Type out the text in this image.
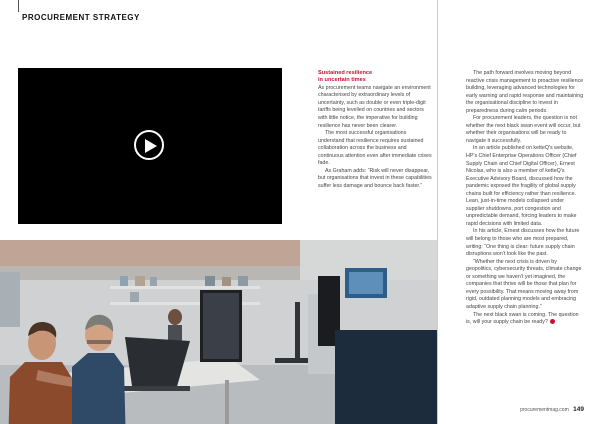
PROCUREMENT STRATEGY
Sustained resilience
in uncertain times

As procurement teams navigate an environment characterised by extraordinary levels of uncertainty, such as double or even triple-digit tariffs being levelled on countries and sectors with little notice, the imperative for building resilience has never been clearer.

The most successful organisations understand that resilience requires sustained collaboration across the business and continuous attention even after immediate crises fade.

As Graham adds: “Risk will never disappear, but organisations that invest in these capabilities suffer less damage and bounce back faster.”

The path forward involves moving beyond reactive crisis management to proactive resilience building, leveraging advanced technologies for early warning and rapid response and maintaining the organisational discipline to invest in preparedness during calm periods.

For procurement leaders, the question is not whether the next black swan event will occur, but whether their organisations will be ready to navigate it successfully.

In an article published on ketteQ’s website, HP’s Chief Enterprise Operations Officer (Chief Supply Chain and Chief Digital Officer), Ernest Nicolas, who is also a member of ketteQ’s Executive Advisory Board, discussed how the pandemic exposed the fragility of global supply chains built for efficiency rather than resilience. Lean, just-in-time models collapsed under supplier shutdowns, port congestion and unpredictable demand, forcing leaders to make rapid decisions with limited data.

In his article, Ernest discusses how the future will belong to those who are most prepared, writing: “One thing is clear: future supply chain disruptions won’t look like the past.

“Whether the next crisis is driven by geopolitics, cybersecurity threats, climate change or something we haven’t yet imagined, the companies that thrive will be those that plan for every possibility. That means moving away from rigid, outdated planning models and embracing adaptive supply chain planning.”

The next black swan is coming. The question is, will your supply chain be ready?

procurementmag.com 149
